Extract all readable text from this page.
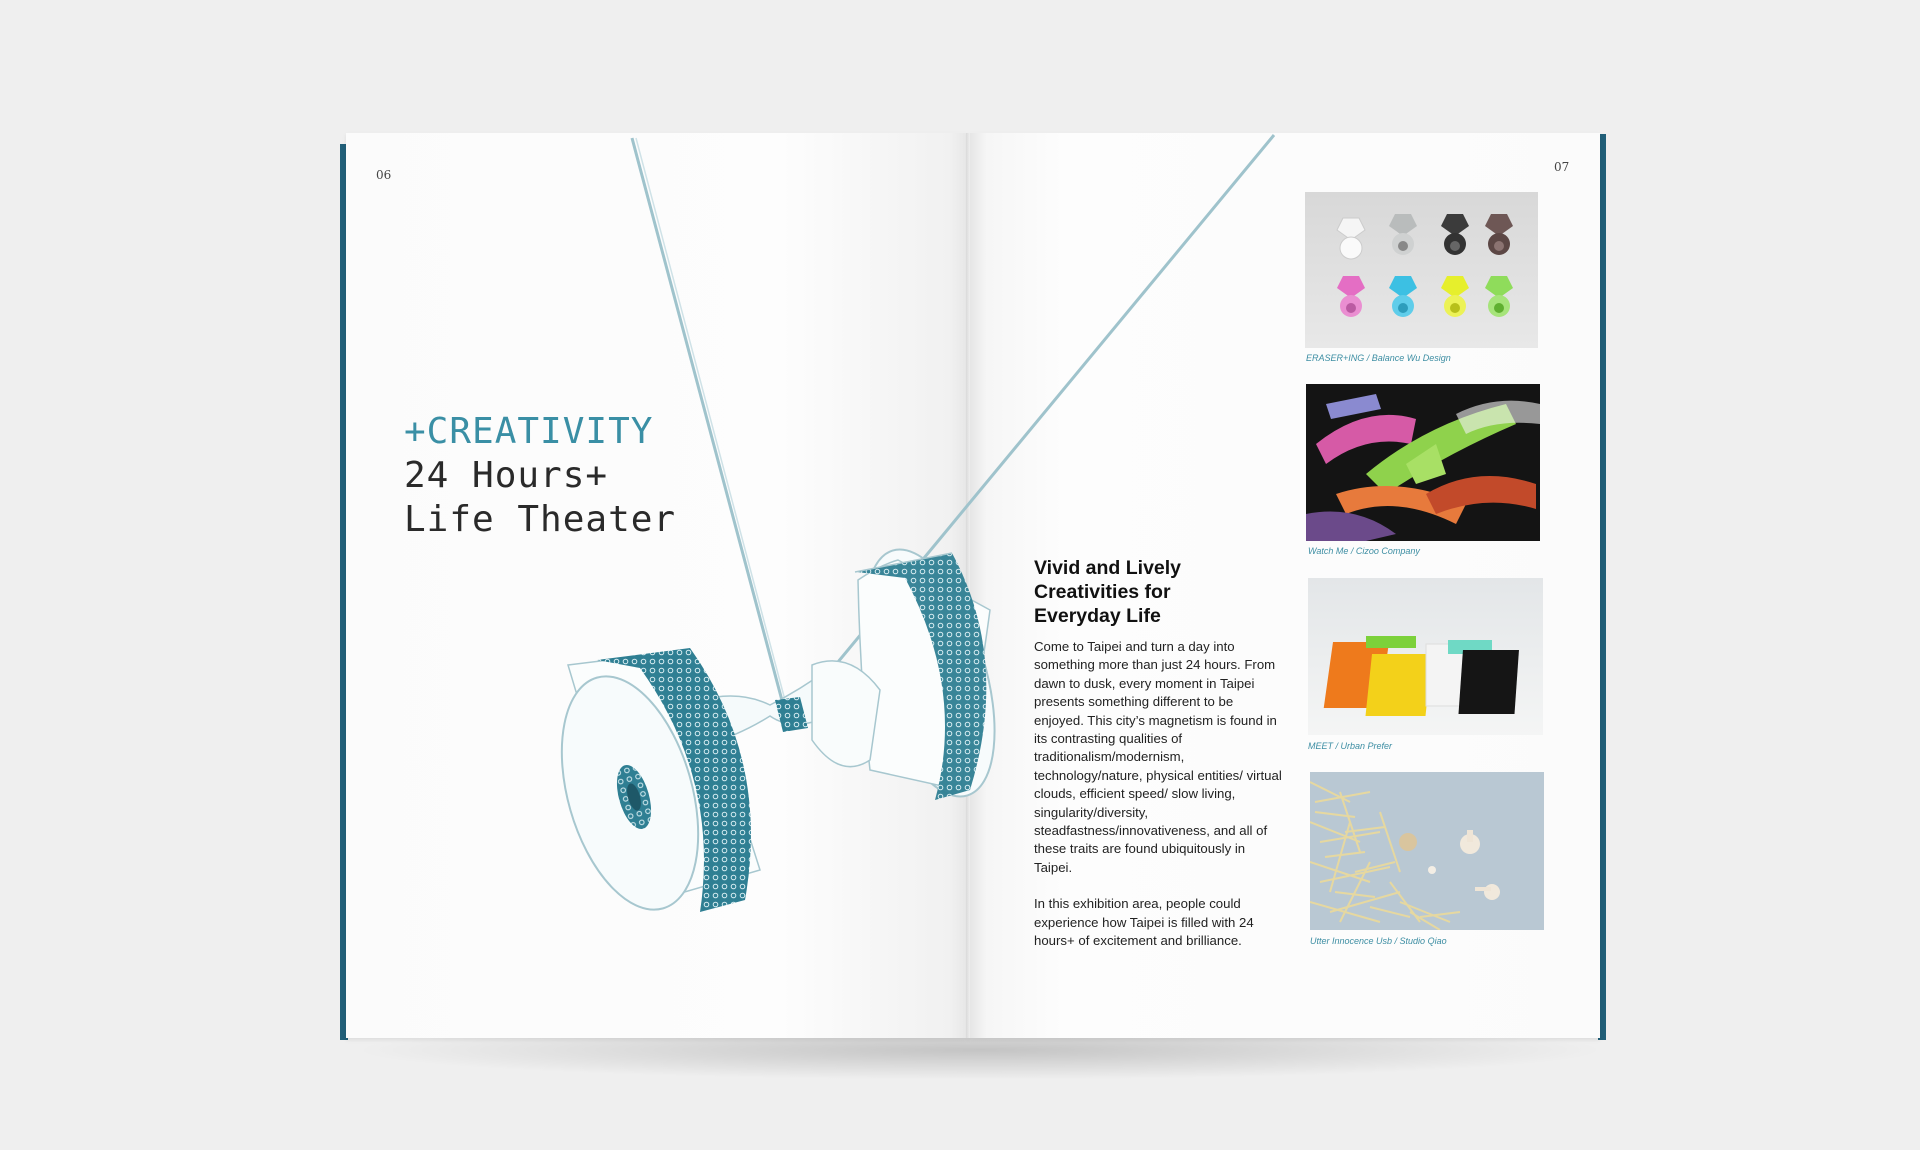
06
07
+CREATIVITY
24 Hours+
Life Theater
Vivid and Lively
Creativities for
Everyday Life

Come to Taipei and turn a day into something more than just 24 hours. From dawn to dusk, every moment in Taipei presents something different to be enjoyed. This city’s magnetism is found in its contrasting qualities of traditionalism/modernism, technology/nature, physical entities/ virtual clouds, efficient speed/ slow living, singularity/diversity, steadfastness/innovativeness, and all of these traits are found ubiquitously in Taipei.

In this exhibition area, people could experience how Taipei is filled with 24 hours+ of excitement and brilliance.

ERASER+ING / Balance Wu Design
Watch Me / Cizoo Company
MEET / Urban Prefer
Utter Innocence Usb / Studio Qiao
